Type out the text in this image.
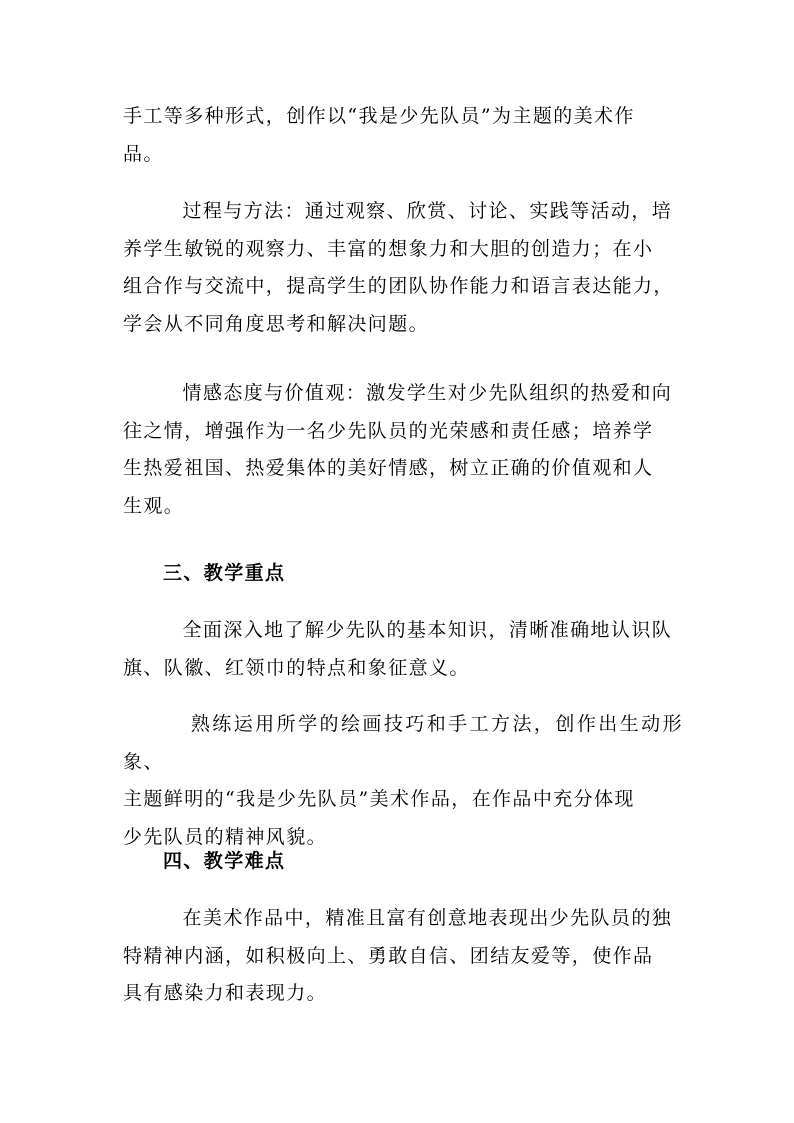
手工等多种形式，创作以“我是少先队员”为主题的美术作
品。

过程与方法：通过观察、欣赏、讨论、实践等活动，培
养学生敏锐的观察力、丰富的想象力和大胆的创造力；在小
组合作与交流中，提高学生的团队协作能力和语言表达能力，
学会从不同角度思考和解决问题。

情感态度与价值观：激发学生对少先队组织的热爱和向
往之情，增强作为一名少先队员的光荣感和责任感；培养学
生热爱祖国、热爱集体的美好情感，树立正确的价值观和人
生观。

三、教学重点

全面深入地了解少先队的基本知识，清晰准确地认识队
旗、队徽、红领巾的特点和象征意义。

熟练运用所学的绘画技巧和手工方法，创作出生动形象、
主题鲜明的“我是少先队员”美术作品，在作品中充分体现
少先队员的精神风貌。

四、教学难点

在美术作品中，精准且富有创意地表现出少先队员的独
特精神内涵，如积极向上、勇敢自信、团结友爱等，使作品
具有感染力和表现力。
